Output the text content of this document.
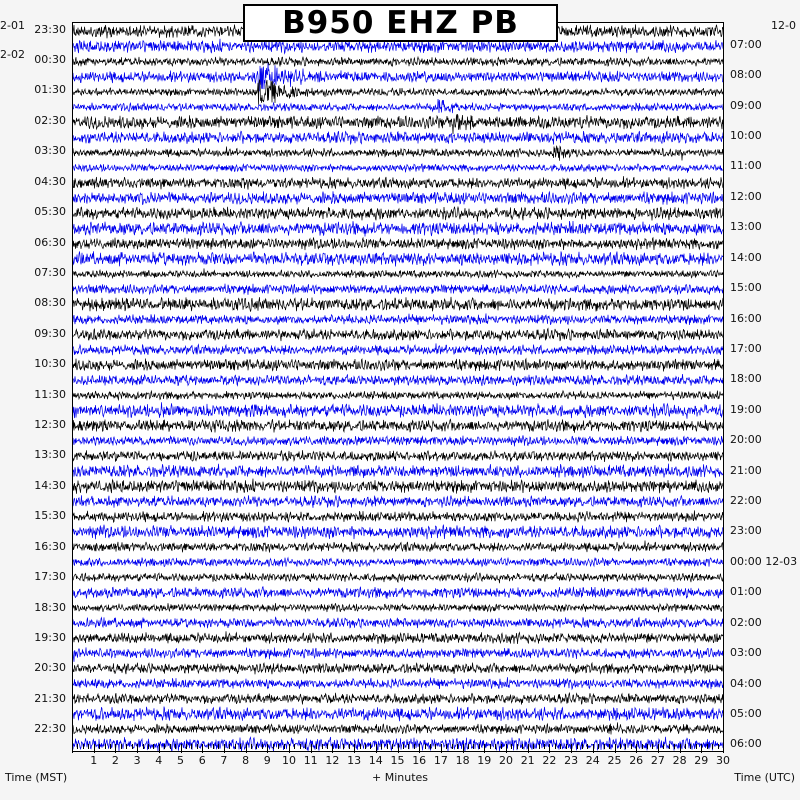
B950 EHZ PB
2-01
2-02
12-0
23:30
00:30
01:30
02:30
03:30
04:30
05:30
06:30
07:30
08:30
09:30
10:30
11:30
12:30
13:30
14:30
15:30
16:30
17:30
18:30
19:30
20:30
21:30
22:30
07:00
08:00
09:00
10:00
11:00
12:00
13:00
14:00
15:00
16:00
17:00
18:00
19:00
20:00
21:00
22:00
23:00
00:00 12-03
01:00
02:00
03:00
04:00
05:00
06:00
1	2	3	4	5	6	7	8	9	10 11 12 13 14 15 16 17 18 19 20 21 22 23 24 25 26 27 28 29 30
Time (MST)	+ Minutes	Time (UTC)
